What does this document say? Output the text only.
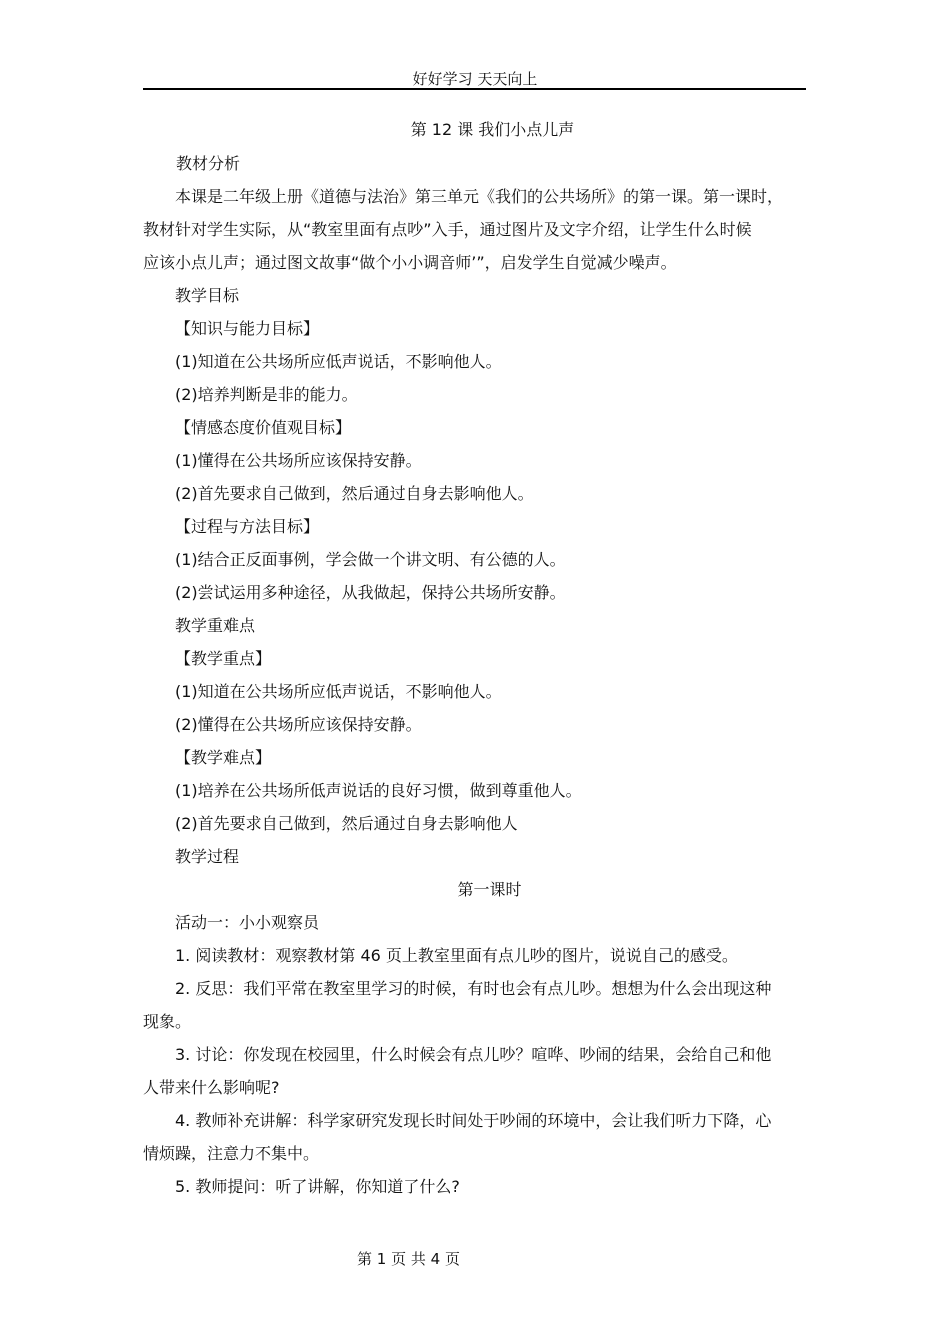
好好学习 天天向上
第 12 课 我们小点儿声
教材分析
本课是二年级上册《道德与法治》第三单元《我们的公共场所》的第一课。第一课时，
教材针对学生实际，从“教室里面有点吵”入手，通过图片及文字介绍，让学生什么时候
应该小点儿声；通过图文故事“做个小小调音师’”，启发学生自觉减少噪声。
教学目标
【知识与能力目标】
(1)知道在公共场所应低声说话，不影响他人。
(2)培养判断是非的能力。
【情感态度价值观目标】
(1)懂得在公共场所应该保持安静。
(2)首先要求自己做到，然后通过自身去影响他人。
【过程与方法目标】
(1)结合正反面事例，学会做一个讲文明、有公德的人。
(2)尝试运用多种途径，从我做起，保持公共场所安静。
教学重难点
【教学重点】
(1)知道在公共场所应低声说话，不影响他人。
(2)懂得在公共场所应该保持安静。
【教学难点】
(1)培养在公共场所低声说话的良好习惯，做到尊重他人。
(2)首先要求自己做到，然后通过自身去影响他人
教学过程
第一课时
活动一：小小观察员
1. 阅读教材：观察教材第 46 页上教室里面有点儿吵的图片，说说自己的感受。
2. 反思：我们平常在教室里学习的时候，有时也会有点儿吵。想想为什么会出现这种
现象。
3. 讨论：你发现在校园里，什么时候会有点儿吵？喧哗、吵闹的结果，会给自己和他
人带来什么影响呢?
4. 教师补充讲解：科学家研究发现长时间处于吵闹的环境中，会让我们听力下降，心
情烦躁，注意力不集中。
5. 教师提问：听了讲解，你知道了什么?
第 1 页 共 4 页
